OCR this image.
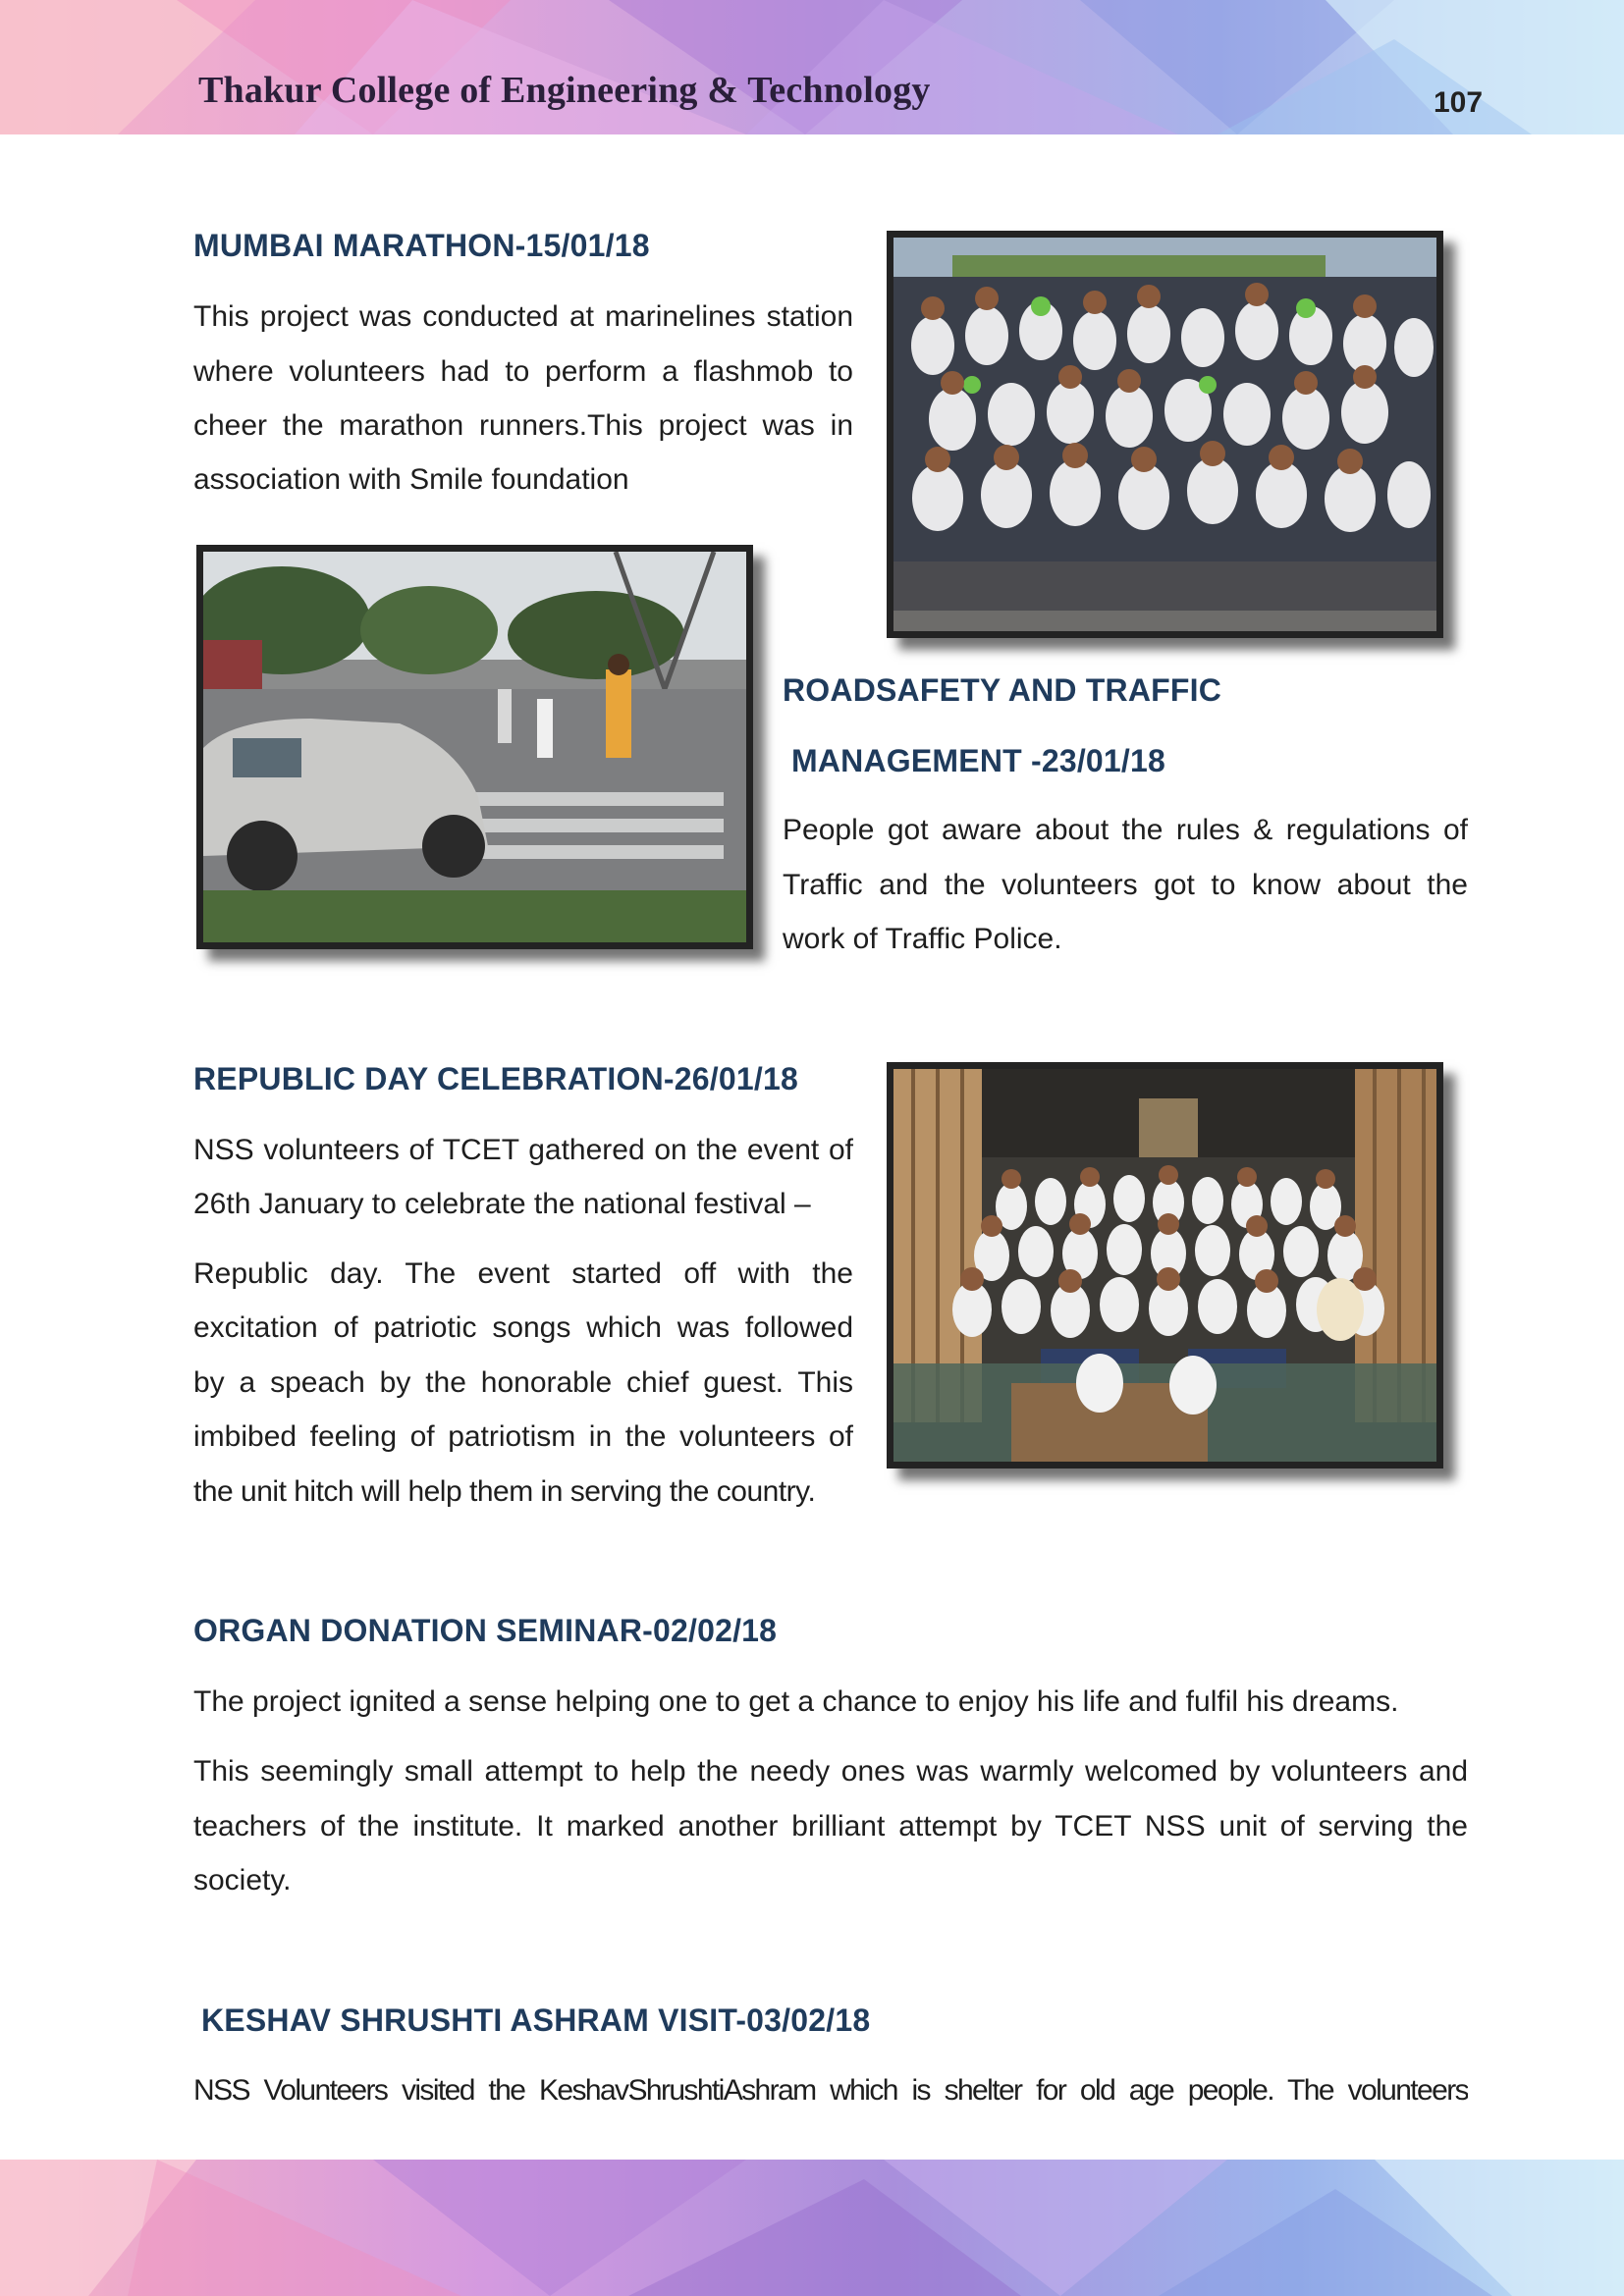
Thakur College of Engineering & Technology	107
MUMBAI MARATHON-15/01/18

This project was conducted at marinelines station

where volunteers had to perform a flashmob to

cheer the marathon runners.This project was in

association with Smile foundation

ROADSAFETY AND TRAFFIC
MANAGEMENT -23/01/18

People got aware about the rules & regulations of

Traffic and the volunteers got to know about the

work of Traffic Police.

REPUBLIC DAY CELEBRATION-26/01/18

NSS volunteers of TCET gathered on the event of

26th January to celebrate the national festival –

Republic day. The event started off with the

excitation of patriotic songs which was followed

by a speach by the honorable chief guest. This

imbibed feeling of patriotism in the volunteers of

the unit hitch will help them in serving the country.

ORGAN DONATION SEMINAR-02/02/18

The project ignited a sense helping one to get a chance to enjoy his life and fulfil his dreams.

This seemingly small attempt to help the needy ones was warmly welcomed by volunteers and

teachers of the institute. It marked another brilliant attempt by TCET NSS unit of serving the

society.

KESHAV SHRUSHTI ASHRAM VISIT-03/02/18

NSS Volunteers visited the KeshavShrushtiAshram which is shelter for old age people. The volunteers
